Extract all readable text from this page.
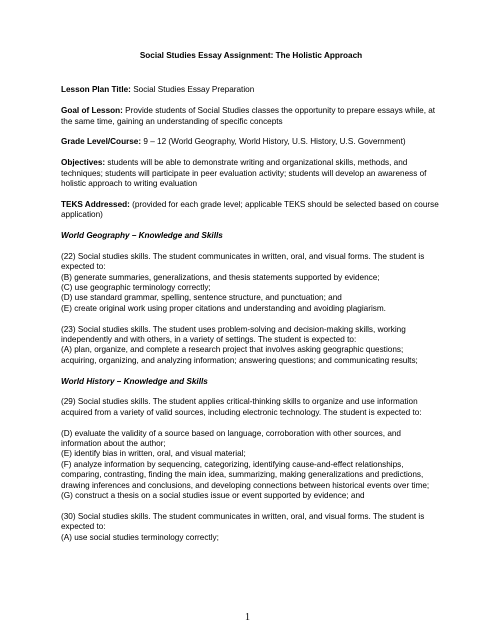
Social Studies Essay Assignment: The Holistic Approach

Lesson Plan Title: Social Studies Essay Preparation

Goal of Lesson: Provide students of Social Studies classes the opportunity to prepare essays while, at the same time, gaining an understanding of specific concepts

Grade Level/Course: 9 – 12 (World Geography, World History, U.S. History, U.S. Government)

Objectives: students will be able to demonstrate writing and organizational skills, methods, and techniques; students will participate in peer evaluation activity; students will develop an awareness of holistic approach to writing evaluation

TEKS Addressed: (provided for each grade level; applicable TEKS should be selected based on course application)

World Geography – Knowledge and Skills

(22) Social studies skills. The student communicates in written, oral, and visual forms. The student is expected to:
(B) generate summaries, generalizations, and thesis statements supported by evidence;
(C) use geographic terminology correctly;
(D) use standard grammar, spelling, sentence structure, and punctuation; and
(E) create original work using proper citations and understanding and avoiding plagiarism.

(23) Social studies skills. The student uses problem-solving and decision-making skills, working independently and with others, in a variety of settings. The student is expected to:
(A) plan, organize, and complete a research project that involves asking geographic questions; acquiring, organizing, and analyzing information; answering questions; and communicating results;

World History – Knowledge and Skills

(29) Social studies skills. The student applies critical-thinking skills to organize and use information acquired from a variety of valid sources, including electronic technology. The student is expected to:

(D) evaluate the validity of a source based on language, corroboration with other sources, and information about the author;
(E) identify bias in written, oral, and visual material;
(F) analyze information by sequencing, categorizing, identifying cause-and-effect relationships, comparing, contrasting, finding the main idea, summarizing, making generalizations and predictions, drawing inferences and conclusions, and developing connections between historical events over time;
(G) construct a thesis on a social studies issue or event supported by evidence; and

(30) Social studies skills. The student communicates in written, oral, and visual forms. The student is expected to:
(A) use social studies terminology correctly;

1
